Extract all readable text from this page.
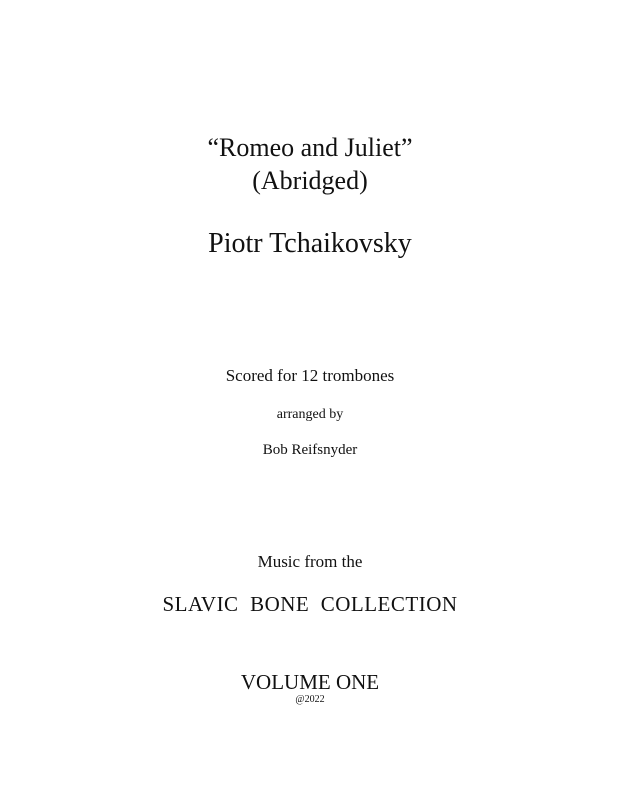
“Romeo and Juliet”
(Abridged)
Piotr Tchaikovsky
Scored for 12 trombones
arranged by
Bob Reifsnyder
Music from the
SLAVIC  BONE  COLLECTION
VOLUME ONE
@2022
